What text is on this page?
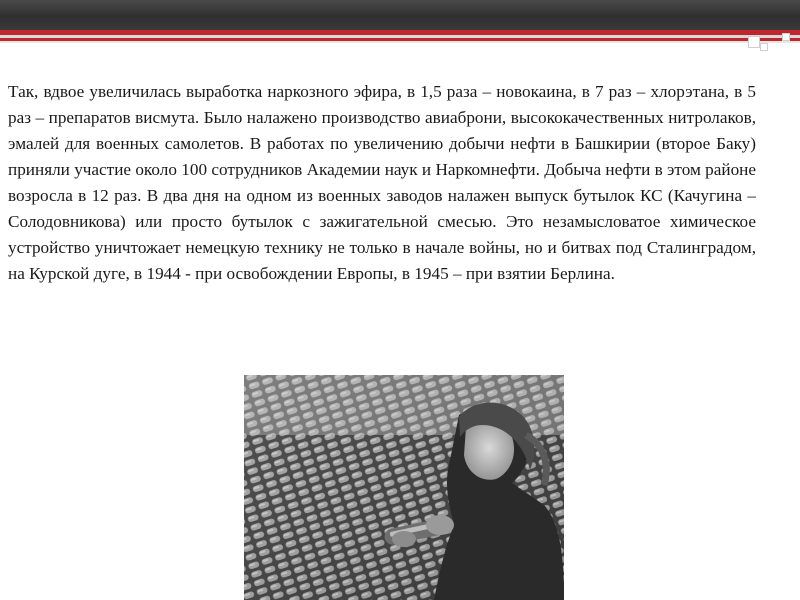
Так, вдвое увеличилась выработка наркозного эфира, в 1,5 раза – новокаина, в 7 раз – хлорэтана, в 5 раз – препаратов висмута. Было налажено производство авиаброни, высококачественных нитролаков, эмалей для военных самолетов. В работах по увеличению добычи нефти в Башкирии (второе Баку) приняли участие около 100 сотрудников Академии наук и Наркомнефти. Добыча нефти в этом районе возросла в 12 раз. В два дня на одном из военных заводов налажен выпуск бутылок КС (Качугина – Солодовникова) или просто бутылок с зажигательной смесью. Это незамысловатое химическое устройство уничтожает немецкую технику не только в начале войны, но и битвах под Сталинградом, на Курской дуге, в 1944 - при освобождении Европы, в 1945 – при взятии Берлина.
